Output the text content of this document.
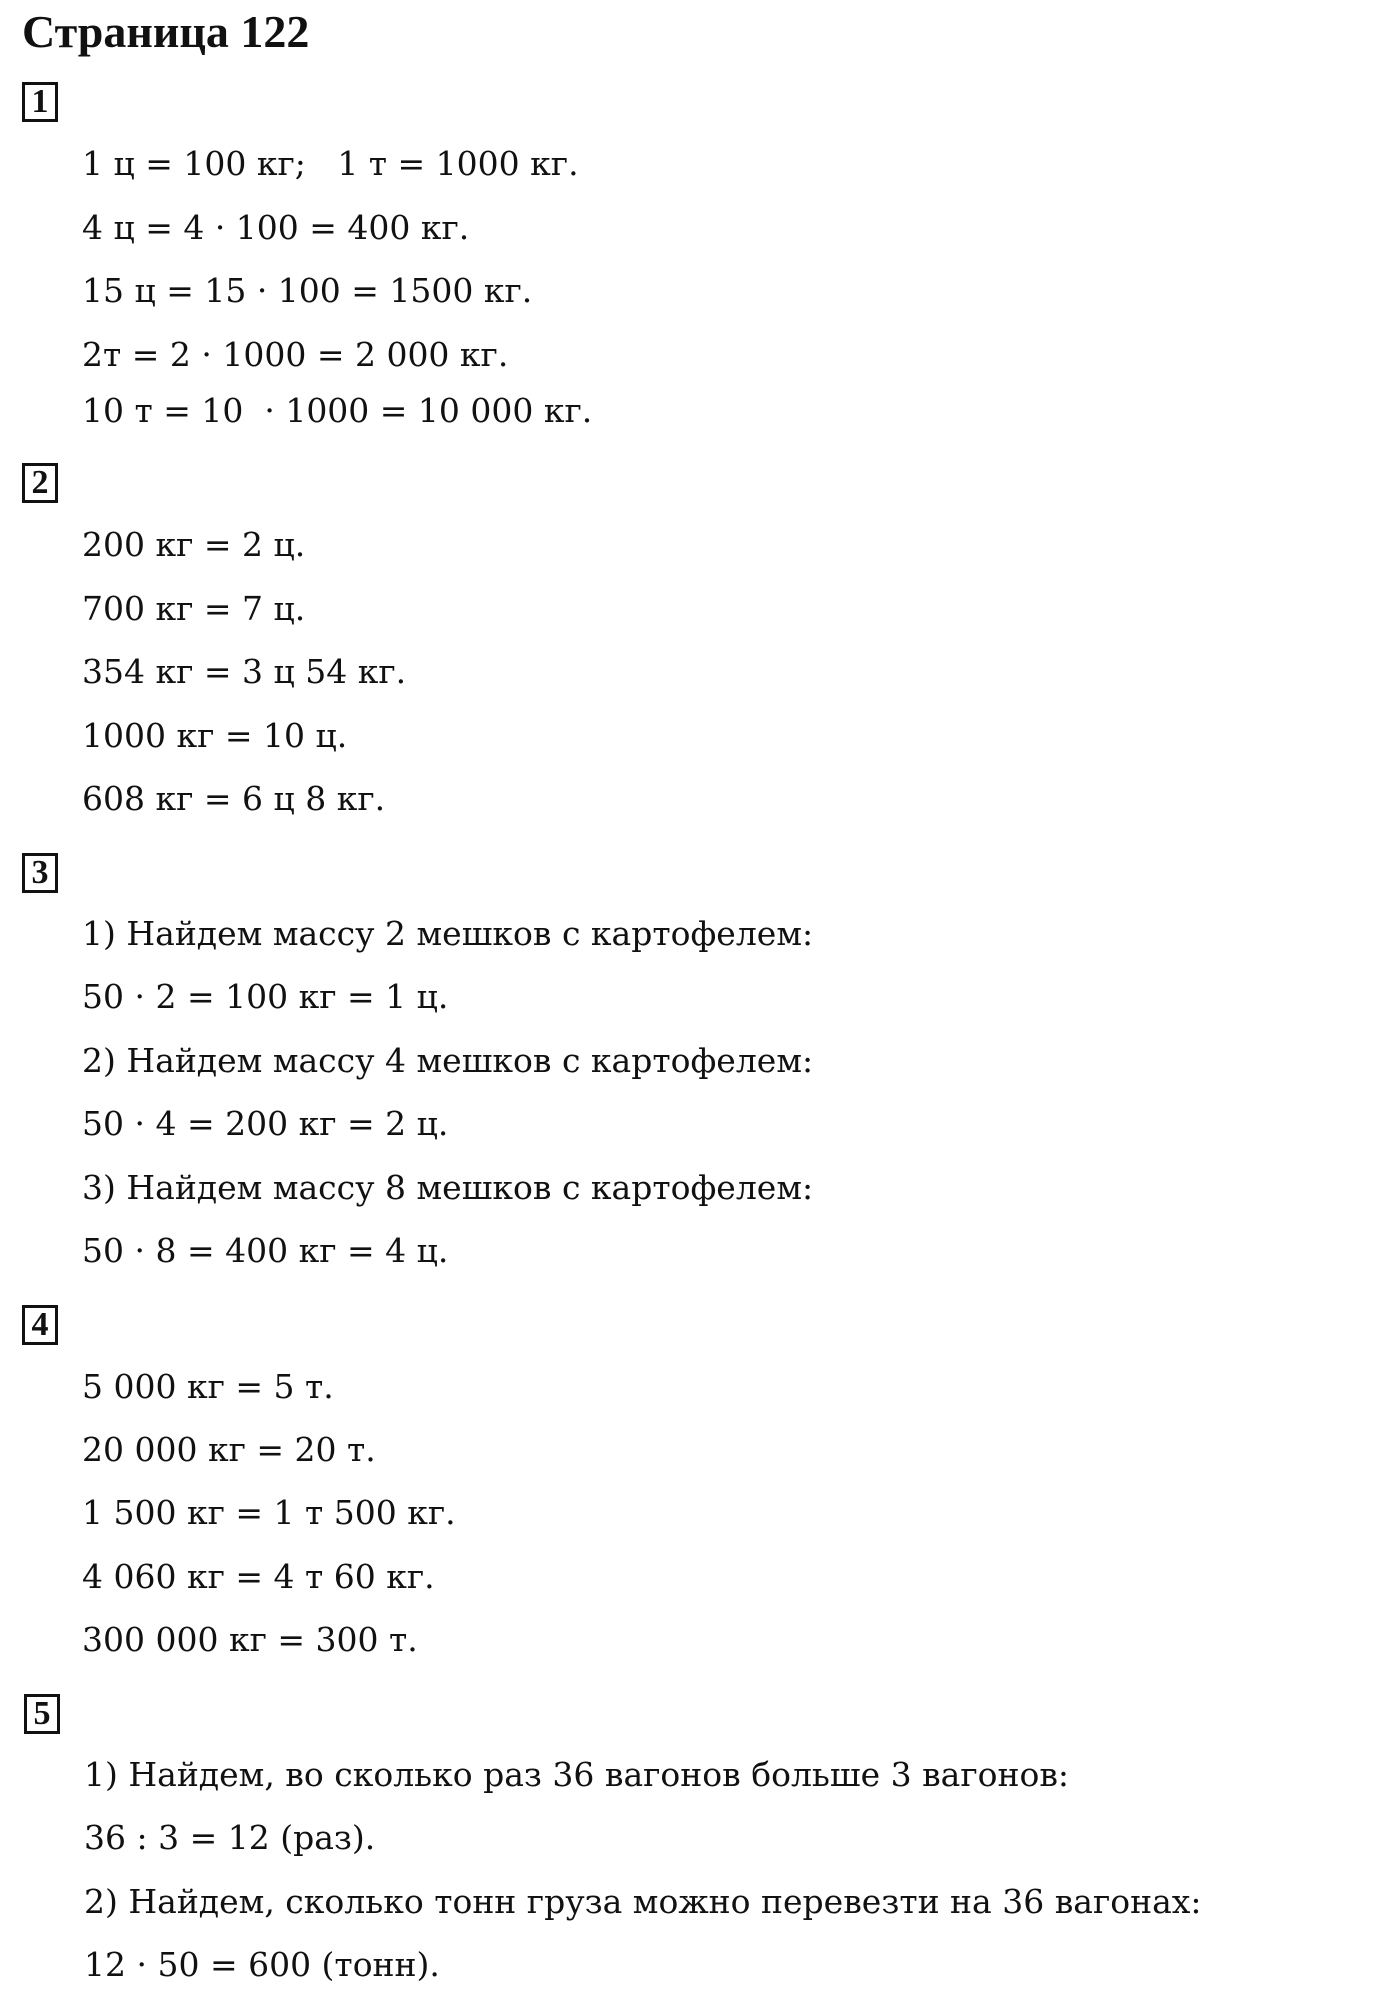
Страница 122
1
1 ц = 100 кг;   1 т = 1000 кг.
4 ц = 4 · 100 = 400 кг.
15 ц = 15 · 100 = 1500 кг.
2т = 2 · 1000 = 2 000 кг.
10 т = 10  · 1000 = 10 000 кг.
2
200 кг = 2 ц.
700 кг = 7 ц.
354 кг = 3 ц 54 кг.
1000 кг = 10 ц.
608 кг = 6 ц 8 кг.
3
1) Найдем массу 2 мешков с картофелем:
50 · 2 = 100 кг = 1 ц.
2) Найдем массу 4 мешков с картофелем:
50 · 4 = 200 кг = 2 ц.
3) Найдем массу 8 мешков с картофелем:
50 · 8 = 400 кг = 4 ц.
4
5 000 кг = 5 т.
20 000 кг = 20 т.
1 500 кг = 1 т 500 кг.
4 060 кг = 4 т 60 кг.
300 000 кг = 300 т.
5
1) Найдем, во сколько раз 36 вагонов больше 3 вагонов:
36 : 3 = 12 (раз).
2) Найдем, сколько тонн груза можно перевезти на 36 вагонах:
12 · 50 = 600 (тонн).
